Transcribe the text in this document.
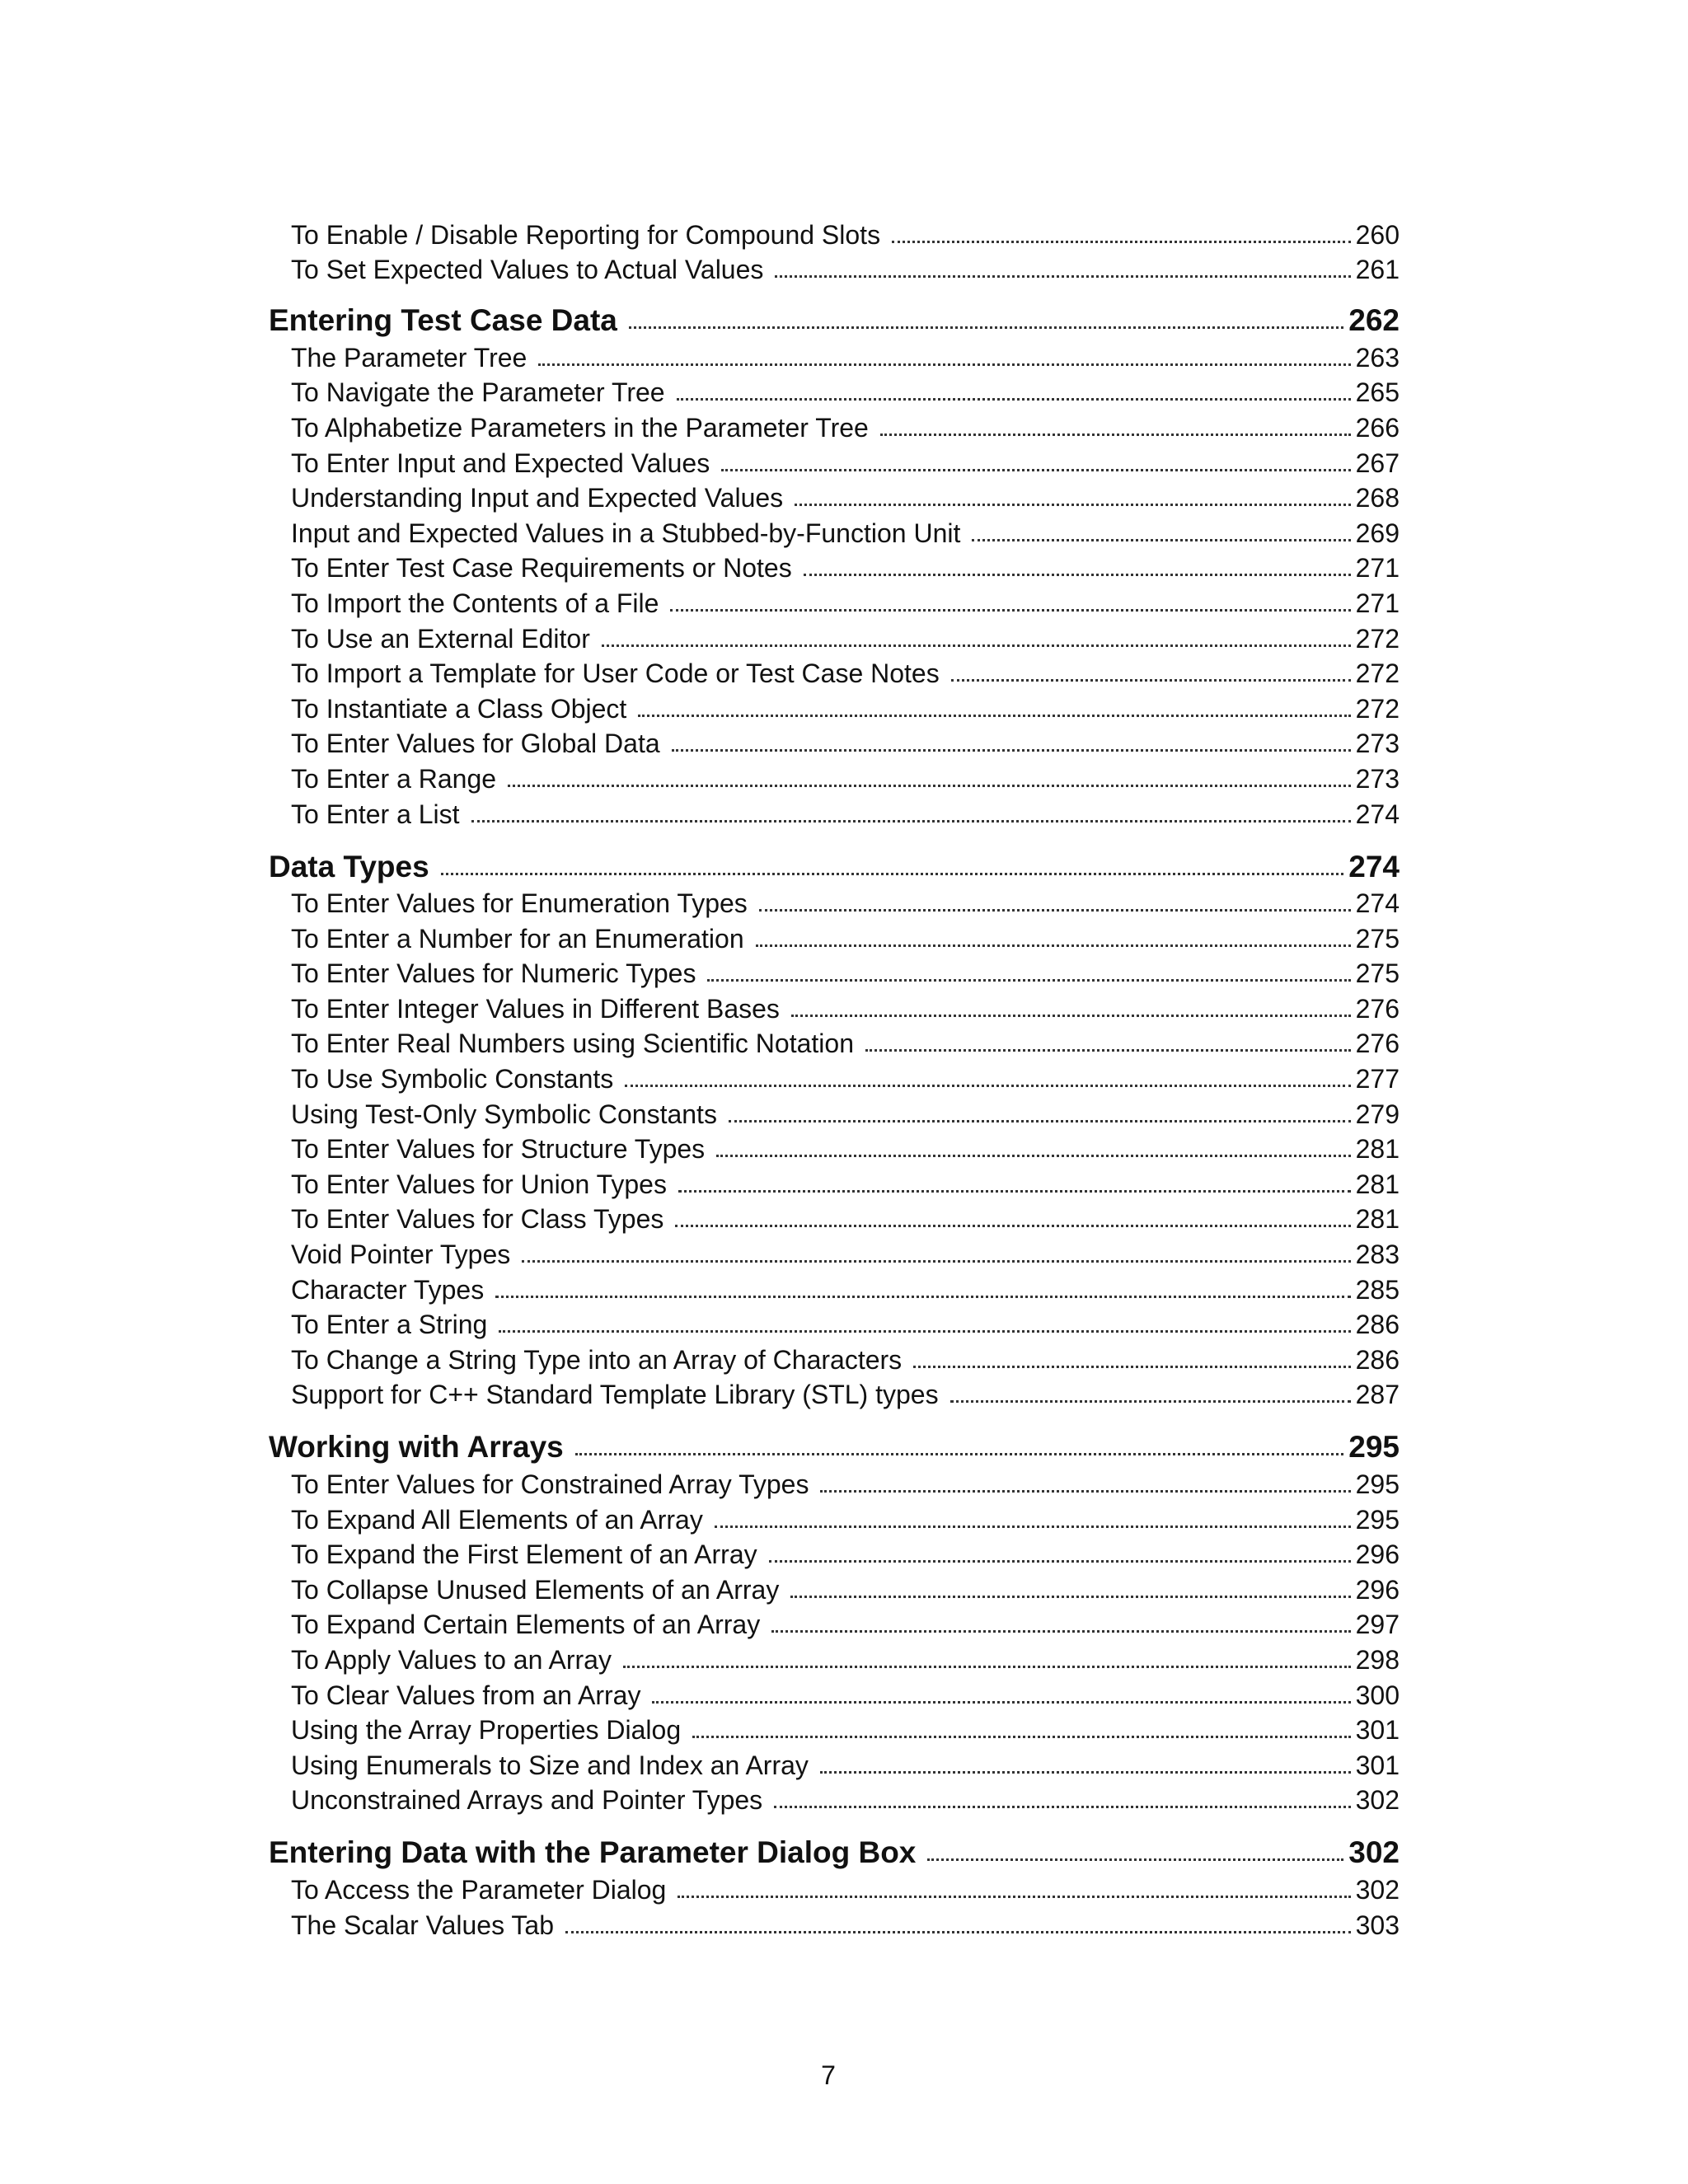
To Enable / Disable Reporting for Compound Slots	260
To Set Expected Values to Actual Values	261
Entering Test Case Data	262
The Parameter Tree	263
To Navigate the Parameter Tree	265
To Alphabetize Parameters in the Parameter Tree	266
To Enter Input and Expected Values	267
Understanding Input and Expected Values	268
Input and Expected Values in a Stubbed-by-Function Unit	269
To Enter Test Case Requirements or Notes	271
To Import the Contents of a File	271
To Use an External Editor	272
To Import a Template for User Code or Test Case Notes	272
To Instantiate a Class Object	272
To Enter Values for Global Data	273
To Enter a Range	273
To Enter a List	274
Data Types	274
To Enter Values for Enumeration Types	274
To Enter a Number for an Enumeration	275
To Enter Values for Numeric Types	275
To Enter Integer Values in Different Bases	276
To Enter Real Numbers using Scientific Notation	276
To Use Symbolic Constants	277
Using Test-Only Symbolic Constants	279
To Enter Values for Structure Types	281
To Enter Values for Union Types	281
To Enter Values for Class Types	281
Void Pointer Types	283
Character Types	285
To Enter a String	286
To Change a String Type into an Array of Characters	286
Support for C++ Standard Template Library (STL) types	287
Working with Arrays	295
To Enter Values for Constrained Array Types	295
To Expand All Elements of an Array	295
To Expand the First Element of an Array	296
To Collapse Unused Elements of an Array	296
To Expand Certain Elements of an Array	297
To Apply Values to an Array	298
To Clear Values from an Array	300
Using the Array Properties Dialog	301
Using Enumerals to Size and Index an Array	301
Unconstrained Arrays and Pointer Types	302
Entering Data with the Parameter Dialog Box	302
To Access the Parameter Dialog	302
The Scalar Values Tab	303
7
